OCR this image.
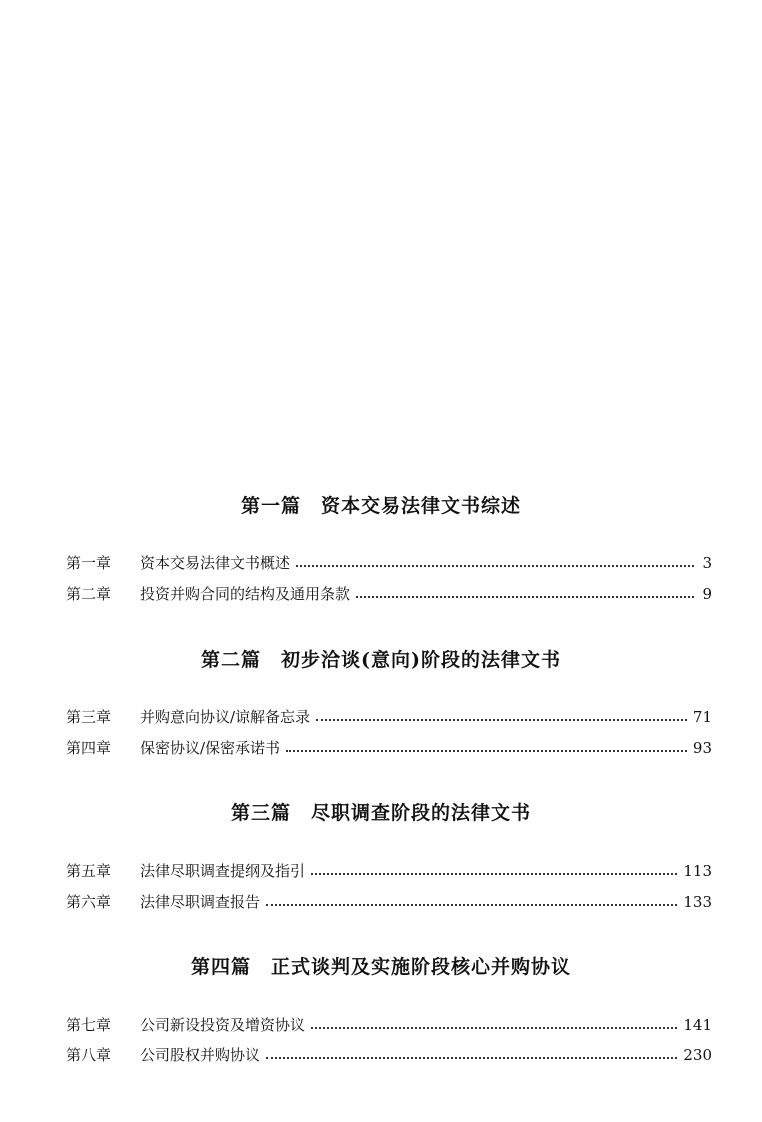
第一篇　资本交易法律文书综述
第一章	资本交易法律文书概述	3
第二章	投资并购合同的结构及通用条款	9
第二篇　初步洽谈(意向)阶段的法律文书
第三章	并购意向协议/谅解备忘录	71
第四章	保密协议/保密承诺书	93
第三篇　尽职调查阶段的法律文书
第五章	法律尽职调查提纲及指引	113
第六章	法律尽职调查报告	133
第四篇　正式谈判及实施阶段核心并购协议
第七章	公司新设投资及增资协议	141
第八章	公司股权并购协议	230
